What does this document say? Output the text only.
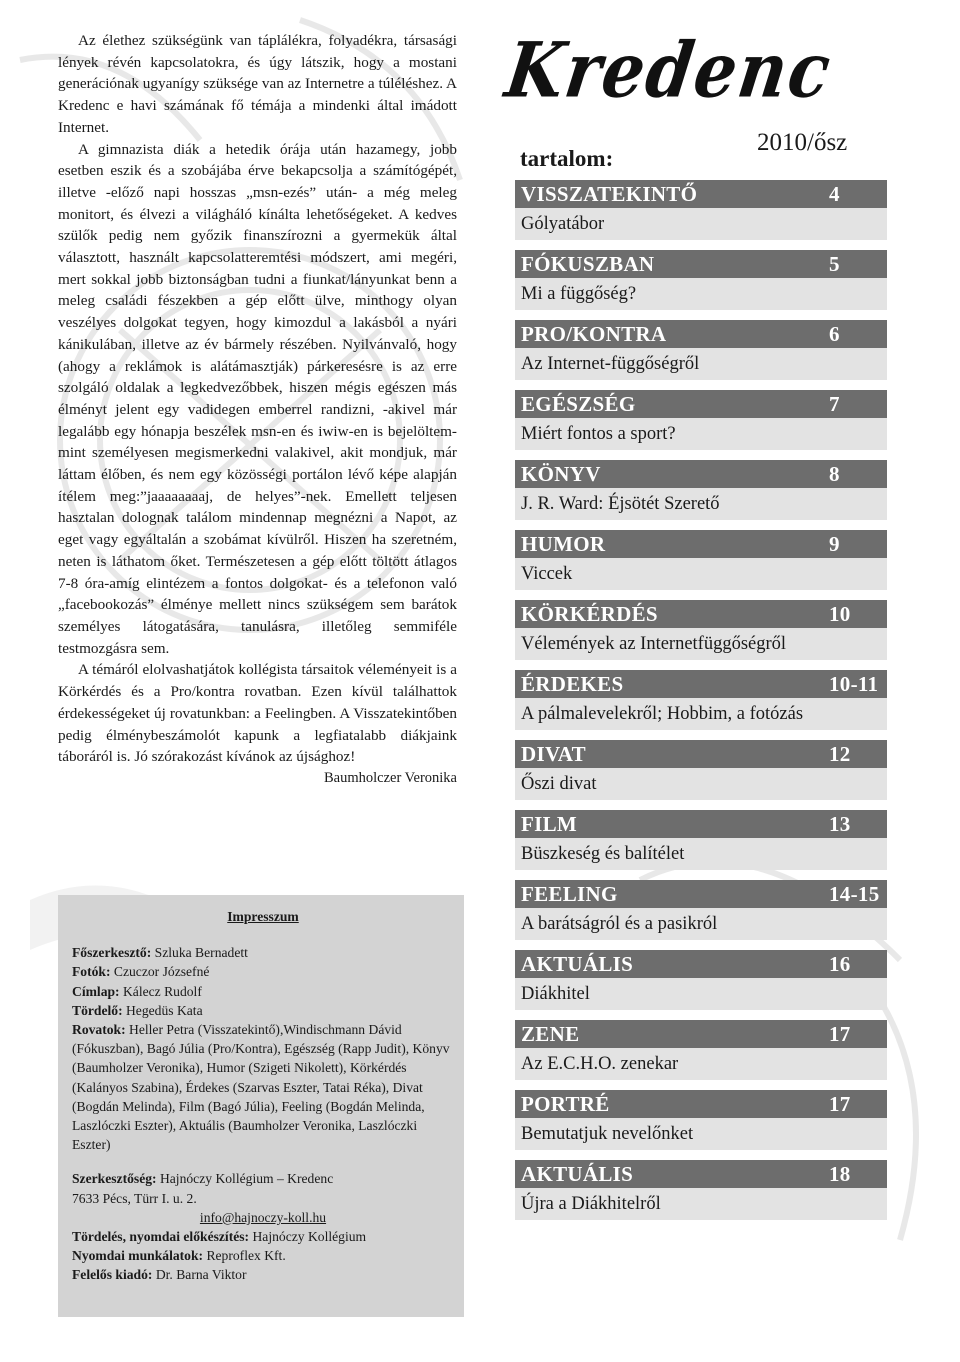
Az élethez szükségünk van táplálékra, folyadékra, társasági lények révén kapcsolatokra, és úgy látszik, hogy a mostani generációnak ugyanígy szüksége van az Internetre a túléléshez. A Kredenc e havi számának fő témája a mindenki által imádott Internet.

A gimnazista diák a hetedik órája után hazamegy, jobb esetben eszik és a szobájába érve bekapcsolja a számítógépét, illetve -előző napi hosszas „msn-ezés” után- a még meleg monitort, és élvezi a világháló kínálta lehetőségeket. A kedves szülők pedig nem győzik finanszírozni a gyermekük által választott, használt kapcsolatteremtési módszert, ami megéri, mert sokkal jobb biztonságban tudni a fiunkat/lányunkat benn a meleg családi fészekben a gép előtt ülve, minthogy olyan veszélyes dolgokat tegyen, hogy kimozdul a lakásból a nyári kánikulában, illetve az év bármely részében. Nyilvánvaló, hogy (ahogy a reklámok is alátámasztják) párkeresésre is az erre szolgáló oldalak a legkedvezőbbek, hiszen mégis egészen más élményt jelent egy vadidegen emberrel randizni, -akivel már legalább egy hónapja beszélek msn-en és iwiw-en is bejelöltem-mint személyesen megismerkedni valakivel, akit mondjuk, már láttam élőben, és nem egy közösségi portálon lévő képe alapján ítélem meg:”jaaaaaaaaj, de helyes”-nek. Emellett teljesen hasztalan dolognak találom mindennap megnézni a Napot, az eget vagy egyáltalán a szobámat kívülről. Hiszen ha szeretném, neten is láthatom őket. Természetesen a gép előtt töltött átlagos 7-8 óra-amíg elintézem a fontos dolgokat- és a telefonon való „facebookozás” élménye mellett nincs szükségem sem barátok személyes látogatására, tanulásra, illetőleg semmiféle testmozgásra sem.

A témáról elolvashatjátok kollégista társaitok véleményeit is a Körkérdés és a Pro/kontra rovatban. Ezen kívül találhattok érdekességeket új rovatunkban: a Feelingben. A Visszatekintőben pedig élménybeszámolót kapunk a legfiatalabb diákjaink táboráról is. Jó szórakozást kívánok az újsághoz!

Baumholczer Veronika
Impresszum

Főszerkesztő: Szluka Bernadett

Fotók: Czuczor Józsefné

Címlap: Kálecz Rudolf

Tördelő: Hegedüs Kata

Rovatok: Heller Petra (Visszatekintő),Windischmann Dávid (Fókuszban), Bagó Júlia (Pro/Kontra), Egészség (Rapp Judit), Könyv (Baumholzer Veronika), Humor (Szigeti Nikolett), Körkérdés (Kalányos Szabina), Érdekes (Szarvas Eszter, Tatai Réka), Divat (Bogdán Melinda), Film (Bagó Júlia), Feeling (Bogdán Melinda, Laszlóczki Eszter), Aktuális (Baumholzer Veronika, Laszlóczki Eszter)

Szerkesztőség: Hajnóczy Kollégium – Kredenc

7633 Pécs, Türr I. u. 2.

info@hajnoczy-koll.hu

Tördelés, nyomdai előkészítés: Hajnóczy Kollégium

Nyomdai munkálatok: Reproflex Kft.

Felelős kiadó: Dr. Barna Viktor

Kredenc
2010/ősz
tartalom:
VISSZATEKINTŐ	4
Gólyatábor
FÓKUSZBAN	5
Mi a függőség?
PRO/KONTRA	6
Az Internet-függőségről
EGÉSZSÉG	7
Miért fontos a sport?
KÖNYV	8
J. R. Ward: Éjsötét Szerető
HUMOR	9
Viccek
KÖRKÉRDÉS	10
Vélemények az Internetfüggőségről
ÉRDEKES	10-11
A pálmalevelekről; Hobbim, a fotózás
DIVAT	12
Őszi divat
FILM	13
Büszkeség és balítélet
FEELING	14-15
A barátságról és a pasikról
AKTUÁLIS	16
Diákhitel
ZENE	17
Az E.C.H.O. zenekar
PORTRÉ	17
Bemutatjuk nevelőnket
AKTUÁLIS	18
Újra a Diákhitelről
